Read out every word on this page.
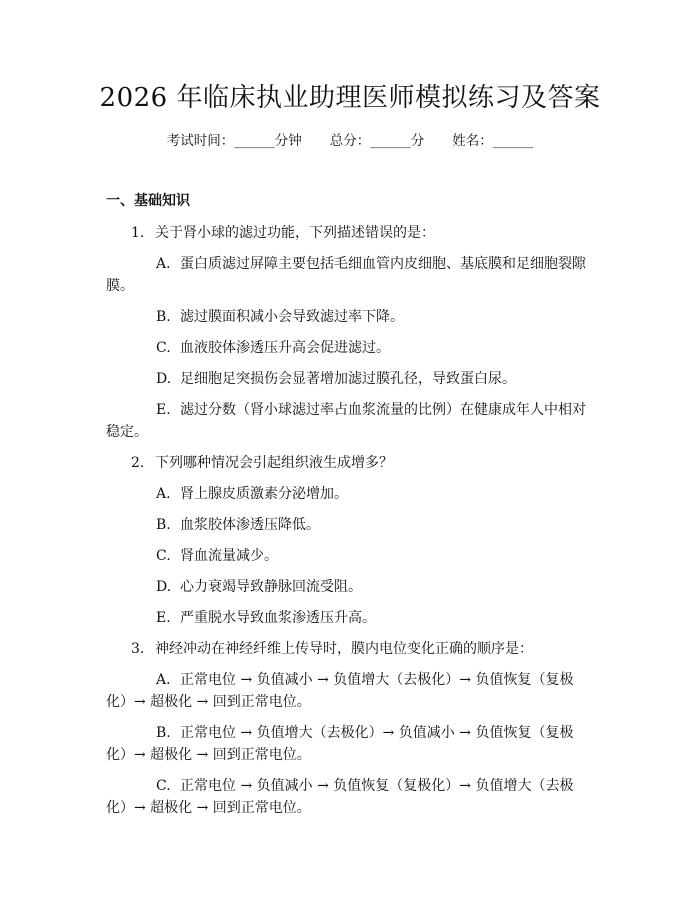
2026 年临床执业助理医师模拟练习及答案
考试时间：______分钟 总分：______分 姓名：______
一、基础知识
1. 关于肾小球的滤过功能，下列描述错误的是：
A. 蛋白质滤过屏障主要包括毛细血管内皮细胞、基底膜和足细胞裂隙膜。
B. 滤过膜面积减小会导致滤过率下降。
C. 血液胶体渗透压升高会促进滤过。
D. 足细胞足突损伤会显著增加滤过膜孔径，导致蛋白尿。
E. 滤过分数（肾小球滤过率占血浆流量的比例）在健康成年人中相对稳定。
2. 下列哪种情况会引起组织液生成增多？
A. 肾上腺皮质激素分泌增加。
B. 血浆胶体渗透压降低。
C. 肾血流量减少。
D. 心力衰竭导致静脉回流受阻。
E. 严重脱水导致血浆渗透压升高。
3. 神经冲动在神经纤维上传导时，膜内电位变化正确的顺序是：
A. 正常电位 → 负值减小 → 负值增大（去极化）→ 负值恢复（复极化）→ 超极化 → 回到正常电位。
B. 正常电位 → 负值增大（去极化）→ 负值减小 → 负值恢复（复极化）→ 超极化 → 回到正常电位。
C. 正常电位 → 负值减小 → 负值恢复（复极化）→ 负值增大（去极化）→ 超极化 → 回到正常电位。
